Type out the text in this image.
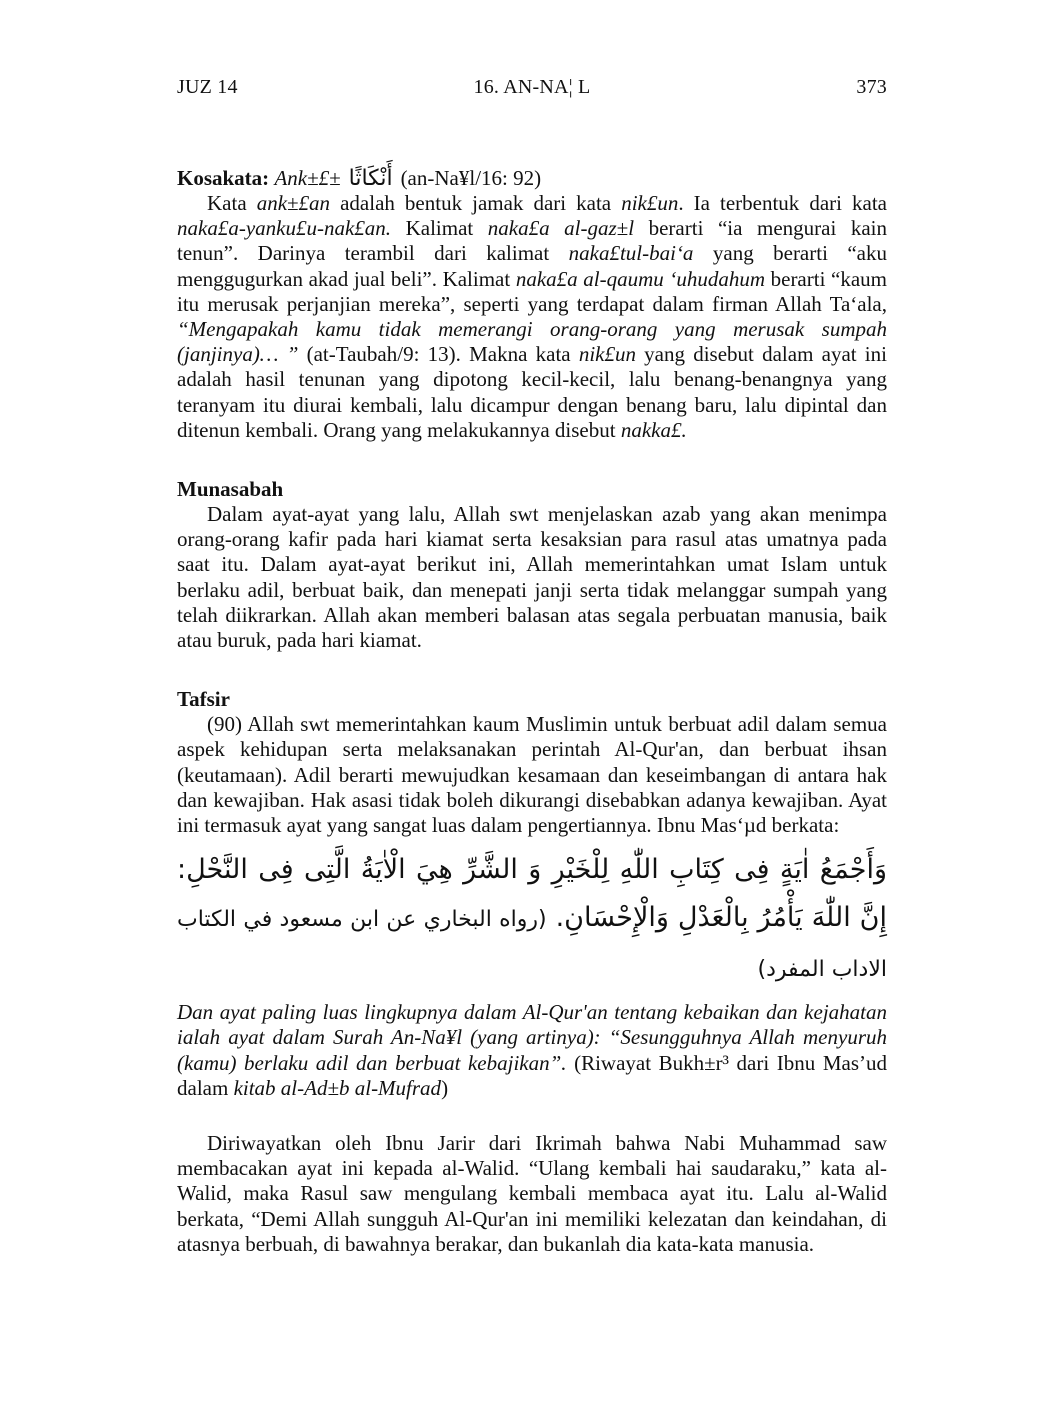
JUZ 14	16. AN-NA¦ L	373

Kosakata: Ank±£± أَنْكَاثًا (an-Na¥l/16: 92)

Kata ank±£an adalah bentuk jamak dari kata nik£un. Ia terbentuk dari kata naka£a-yanku£u-nak£an. Kalimat naka£a al-gaz±l berarti “ia mengurai kain tenun”. Darinya terambil dari kalimat naka£tul-bai‘a yang berarti “aku menggugurkan akad jual beli”. Kalimat naka£a al-qaumu ‘uhudahum berarti “kaum itu merusak perjanjian mereka”, seperti yang terdapat dalam firman Allah Ta‘ala, “Mengapakah kamu tidak memerangi orang-orang yang merusak sumpah (janjinya)… ” (at-Taubah/9: 13). Makna kata nik£un yang disebut dalam ayat ini adalah hasil tenunan yang dipotong kecil-kecil, lalu benang-benangnya yang teranyam itu diurai kembali, lalu dicampur dengan benang baru, lalu dipintal dan ditenun kembali. Orang yang melakukannya disebut nakka£.

Munasabah

Dalam ayat-ayat yang lalu, Allah swt menjelaskan azab yang akan menimpa orang-orang kafir pada hari kiamat serta kesaksian para rasul atas umatnya pada saat itu. Dalam ayat-ayat berikut ini, Allah memerintahkan umat Islam untuk berlaku adil, berbuat baik, dan menepati janji serta tidak melanggar sumpah yang telah diikrarkan. Allah akan memberi balasan atas segala perbuatan manusia, baik atau buruk, pada hari kiamat.

Tafsir

(90) Allah swt memerintahkan kaum Muslimin untuk berbuat adil dalam semua aspek kehidupan serta melaksanakan perintah Al-Qur'an, dan berbuat ihsan (keutamaan). Adil berarti mewujudkan kesamaan dan keseimbangan di antara hak dan kewajiban. Hak asasi tidak boleh dikurangi disebabkan adanya kewajiban. Ayat ini termasuk ayat yang sangat luas dalam pengertiannya. Ibnu Mas‘µd berkata:

وَأَجْمَعُ اٰيَةٍ فِى كِتَابِ اللّٰهِ لِلْخَيْرِ وَ الشَّرِّ هِيَ الْاٰيَةُ الَّتِى فِى النَّحْلِ: إِنَّ اللّٰهَ يَأْمُرُ بِالْعَدْلِ وَالْإِحْسَانِ. (رواه البخاري عن ابن مسعود في الكتاب الاداب المفرد)

Dan ayat paling luas lingkupnya dalam Al-Qur'an tentang kebaikan dan kejahatan ialah ayat dalam Surah An-Na¥l (yang artinya): “Sesungguhnya Allah menyuruh (kamu) berlaku adil dan berbuat kebajikan”. (Riwayat Bukh±r³ dari Ibnu Mas’ud dalam kitab al-Ad±b al-Mufrad)

Diriwayatkan oleh Ibnu Jarir dari Ikrimah bahwa Nabi Muhammad saw membacakan ayat ini kepada al-Walid. “Ulang kembali hai saudaraku,” kata al-Walid, maka Rasul saw mengulang kembali membaca ayat itu. Lalu al-Walid berkata, “Demi Allah sungguh Al-Qur'an ini memiliki kelezatan dan keindahan, di atasnya berbuah, di bawahnya berakar, dan bukanlah dia kata-kata manusia.
